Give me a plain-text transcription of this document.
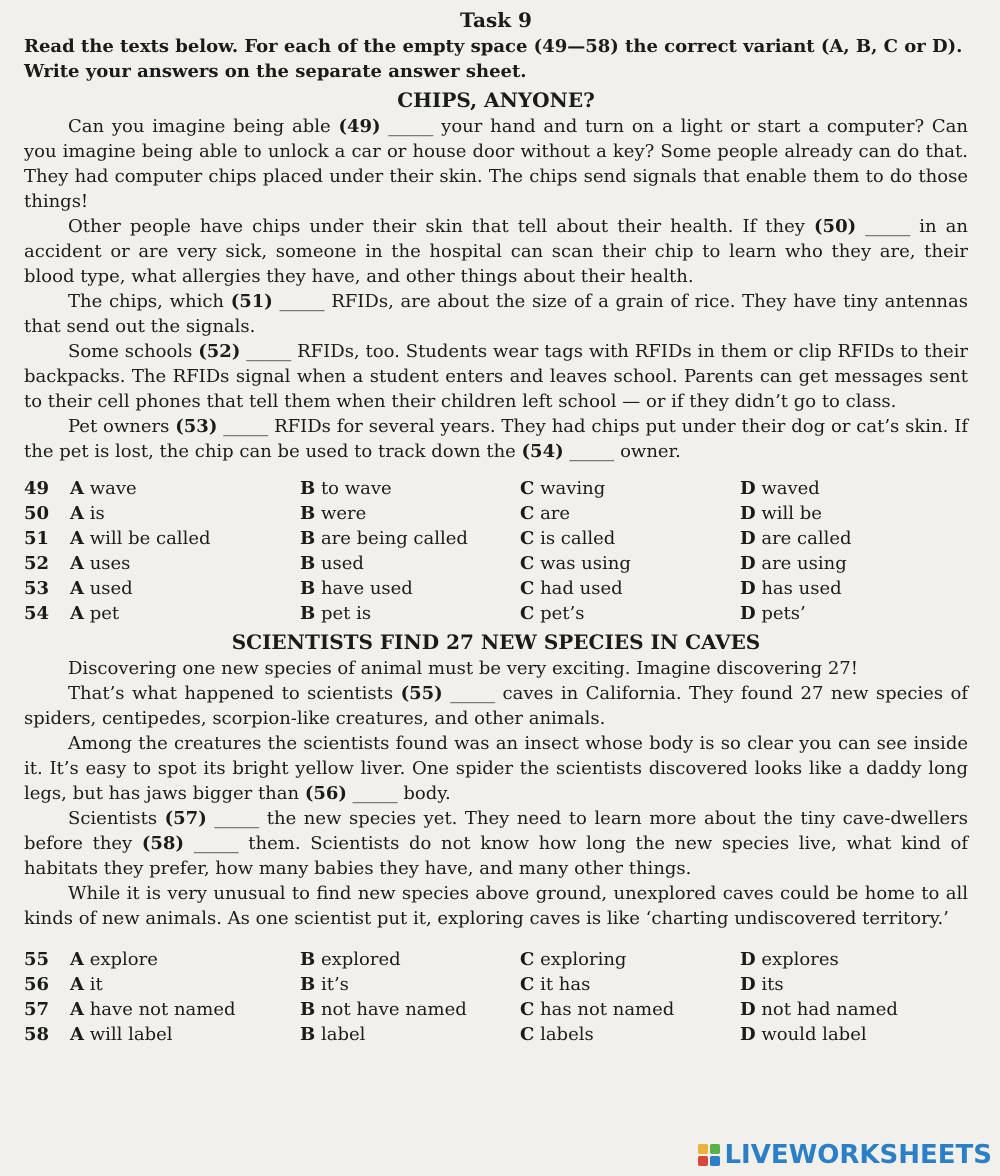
Task 9

Read the texts below. For each of the empty space (49—58) the correct variant (A, B, C or D). Write your answers on the separate answer sheet.

CHIPS, ANYONE?

Can you imagine being able (49) _____ your hand and turn on a light or start a computer? Can you imagine being able to unlock a car or house door without a key? Some people already can do that. They had computer chips placed under their skin. The chips send signals that enable them to do those things!

Other people have chips under their skin that tell about their health. If they (50) _____ in an accident or are very sick, someone in the hospital can scan their chip to learn who they are, their blood type, what allergies they have, and other things about their health.

The chips, which (51) _____ RFIDs, are about the size of a grain of rice. They have tiny antennas that send out the signals.

Some schools (52) _____ RFIDs, too. Students wear tags with RFIDs in them or clip RFIDs to their backpacks. The RFIDs signal when a student enters and leaves school. Parents can get messages sent to their cell phones that tell them when their children left school — or if they didn’t go to class.

Pet owners (53) _____ RFIDs for several years. They had chips put under their dog or cat’s skin. If the pet is lost, the chip can be used to track down the (54) _____ owner.

49	A wave	B to wave	C waving	D waved
50	A is	B were	C are	D will be
51	A will be called	B are being called	C is called	D are called
52	A uses	B used	C was using	D are using
53	A used	B have used	C had used	D has used
54	A pet	B pet is	C pet’s	D pets’
SCIENTISTS FIND 27 NEW SPECIES IN CAVES

Discovering one new species of animal must be very exciting. Imagine discovering 27!

That’s what happened to scientists (55) _____ caves in California. They found 27 new species of spiders, centipedes, scorpion-like creatures, and other animals.

Among the creatures the scientists found was an insect whose body is so clear you can see inside it. It’s easy to spot its bright yellow liver. One spider the scientists discovered looks like a daddy long legs, but has jaws bigger than (56) _____ body.

Scientists (57) _____ the new species yet. They need to learn more about the tiny cave-dwellers before they (58) _____ them. Scientists do not know how long the new species live, what kind of habitats they prefer, how many babies they have, and many other things.

While it is very unusual to find new species above ground, unexplored caves could be home to all kinds of new animals. As one scientist put it, exploring caves is like ‘charting undiscovered territory.’

55	A explore	B explored	C exploring	D explores
56	A it	B it’s	C it has	D its
57	A have not named	B not have named	C has not named	D not had named
58	A will label	B label	C labels	D would label
LIVEWORKSHEETS
